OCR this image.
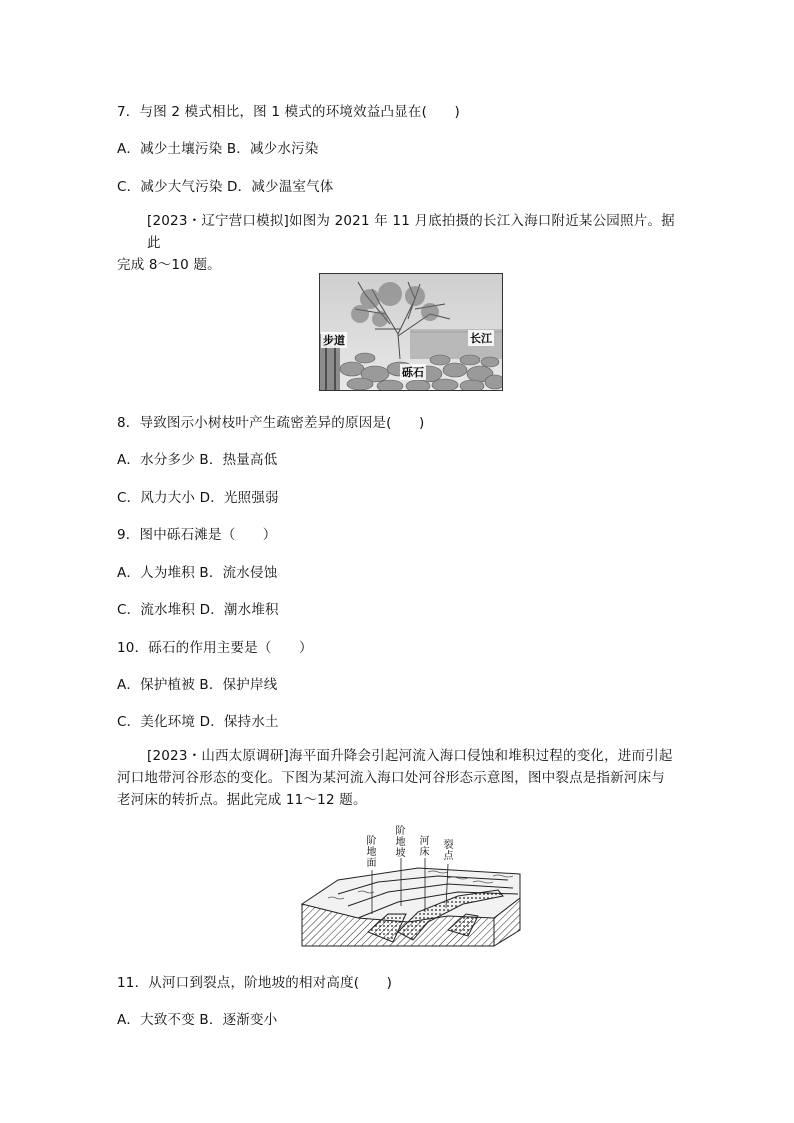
7．与图 2 模式相比，图 1 模式的环境效益凸显在(　　)
A．减少土壤污染 B．减少水污染
C．减少大气污染 D．减少温室气体
[2023・辽宁营口模拟]如图为 2021 年 11 月底拍摄的长江入海口附近某公园照片。据此
完成 8～10 题。
步道	长江
砾石
8．导致图示小树枝叶产生疏密差异的原因是(　　)
A．水分多少 B．热量高低
C．风力大小 D．光照强弱
9．图中砾石滩是（　　）
A．人为堆积 B．流水侵蚀
C．流水堆积 D．潮水堆积
10．砾石的作用主要是（　　）
A．保护植被 B．保护岸线
C．美化环境 D．保持水土
[2023・山西太原调研]海平面升降会引起河流入海口侵蚀和堆积过程的变化，进而引起
河口地带河谷形态的变化。下图为某河流入海口处河谷形态示意图，图中裂点是指新河床与
老河床的转折点。据此完成 11～12 题。
阶地面
阶地坡
河床
裂点
11．从河口到裂点，阶地坡的相对高度(　　)
A．大致不变 B．逐渐变小
